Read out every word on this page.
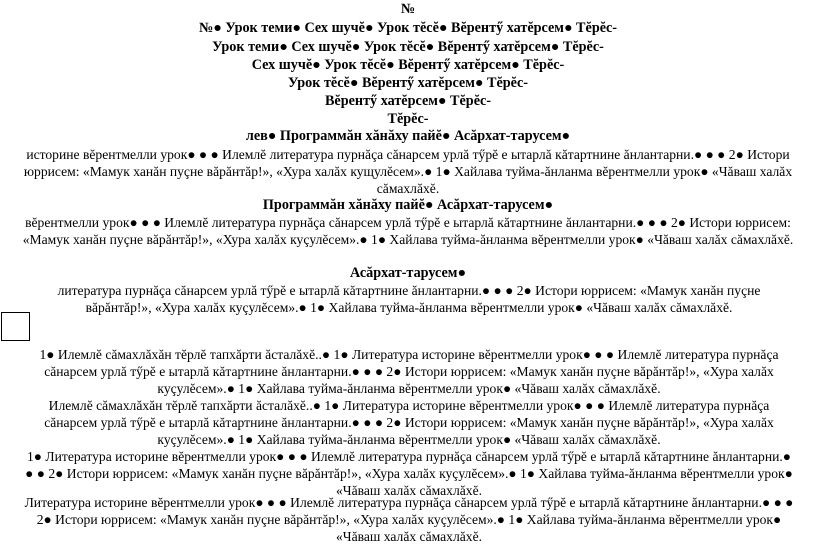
№

№● Урок теми● Сех шучĕ● Урок тĕсĕ● Вĕрентӳ хатĕрсем● Тĕрĕс-

Урок теми● Сех шучĕ● Урок тĕсĕ● Вĕрентӳ хатĕрсем● Тĕрĕс-

Сех шучĕ● Урок тĕсĕ● Вĕрентӳ хатĕрсем● Тĕрĕс-

Урок тĕсĕ● Вĕрентӳ хатĕрсем● Тĕрĕс-

Вĕрентӳ хатĕрсем● Тĕрĕс-

Тĕрĕс-

лев● Программăн хăнăху пайĕ● Асăрхат-тарусем●

историне вĕрентмелли урок● ● ● Илемлĕ литература пурнăçа сăнарсем урлă тӳрĕ е ытарлă кăтартнине ăнлантарни.● ● ● 2● Истори юррисем: «Мамук ханăн пуçне вăрăнтăр!», «Хура халăх кущулĕсем».● 1● Хайлава туйма-ăнланма вĕрентмелли урок● «Чăваш халăх сăмахлăхĕ.

Программăн хăнăху пайĕ● Асăрхат-тарусем●

вĕрентмелли урок● ● ● Илемлĕ литература пурнăçа сăнарсем урлă тӳрĕ е ытарлă кăтартнине ăнлантарни.● ● ● 2● Истори юррисем: «Мамук ханăн пуçне вăрăнтăр!», «Хура халăх куçулĕсем».● 1● Хайлава туйма-ăнланма вĕрентмелли урок● «Чăваш халăх сăмахлăхĕ.

Асăрхат-тарусем●

литература пурнăçа сăнарсем урлă тӳрĕ е ытарлă кăтартнине ăнлантарни.● ● ● 2● Истори юррисем: «Мамук ханăн пуçне вăрăнтăр!», «Хура халăх куçулĕсем».● 1● Хайлава туйма-ăнланма вĕрентмелли урок● «Чăваш халăх сăмахлăхĕ.

1● Илемлĕ сăмахлăхăн тĕрлĕ тапхăрти ăсталăхĕ..● 1● Литература историне вĕрентмелли урок● ● ● Илемлĕ литература пурнăçа сăнарсем урлă тӳрĕ е ытарлă кăтартнине ăнлантарни.● ● ● 2● Истори юррисем: «Мамук ханăн пуçне вăрăнтăр!», «Хура халăх куçулĕсем».● 1● Хайлава туйма-ăнланма вĕрентмелли урок● «Чăваш халăх сăмахлăхĕ.

Илемлĕ сăмахлăхăн тĕрлĕ тапхăрти ăсталăхĕ..● 1● Литература историне вĕрентмелли урок● ● ● Илемлĕ литература пурнăçа сăнарсем урлă тӳрĕ е ытарлă кăтартнине ăнлантарни.● ● ● 2● Истори юррисем: «Мамук ханăн пуçне вăрăнтăр!», «Хура халăх куçулĕсем».● 1● Хайлава туйма-ăнланма вĕрентмелли урок● «Чăваш халăх сăмахлăхĕ.

1● Литература историне вĕрентмелли урок● ● ● Илемлĕ литература пурнăçа сăнарсем урлă тӳрĕ е ытарлă кăтартнине ăнлантарни.● ● ● 2● Истори юррисем: «Мамук ханăн пуçне вăрăнтăр!», «Хура халăх куçулĕсем».● 1● Хайлава туйма-ăнланма вĕрентмелли урок● «Чăваш халăх сăмахлăхĕ.

Литература историне вĕрентмелли урок● ● ● Илемлĕ литература пурнăçа сăнарсем урлă тӳрĕ е ытарлă кăтартнине ăнлантарни.● ● ● 2● Истори юррисем: «Мамук ханăн пуçне вăрăнтăр!», «Хура халăх куçулĕсем».● 1● Хайлава туйма-ăнланма вĕрентмелли урок● «Чăваш халăх сăмахлăхĕ.
